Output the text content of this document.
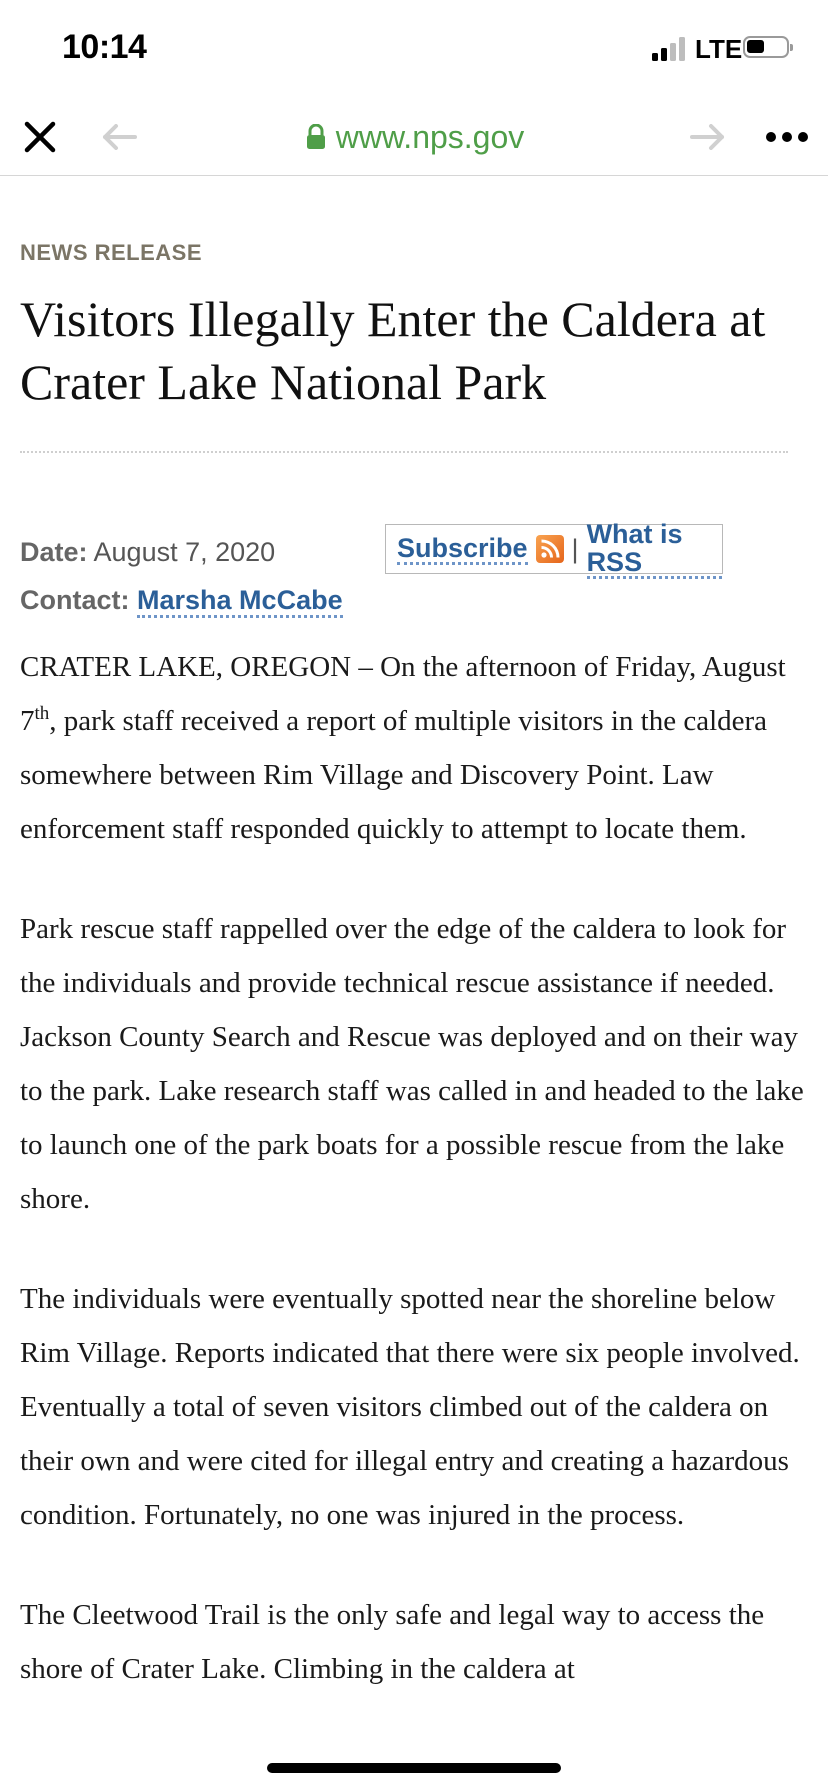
10:14	LTE
www.nps.gov
NEWS RELEASE
Visitors Illegally Enter the Caldera at Crater Lake National Park
Date: August 7, 2020
Contact: Marsha McCabe
Subscribe | What is RSS

CRATER LAKE, OREGON – On the afternoon of Friday, August 7th, park staff received a report of multiple visitors in the caldera somewhere between Rim Village and Discovery Point. Law enforcement staff responded quickly to attempt to locate them.

Park rescue staff rappelled over the edge of the caldera to look for the individuals and provide technical rescue assistance if needed. Jackson County Search and Rescue was deployed and on their way to the park. Lake research staff was called in and headed to the lake to launch one of the park boats for a possible rescue from the lake shore.

The individuals were eventually spotted near the shoreline below Rim Village. Reports indicated that there were six people involved. Eventually a total of seven visitors climbed out of the caldera on their own and were cited for illegal entry and creating a hazardous condition. Fortunately, no one was injured in the process.

The Cleetwood Trail is the only safe and legal way to access the shore of Crater Lake. Climbing in the caldera at
